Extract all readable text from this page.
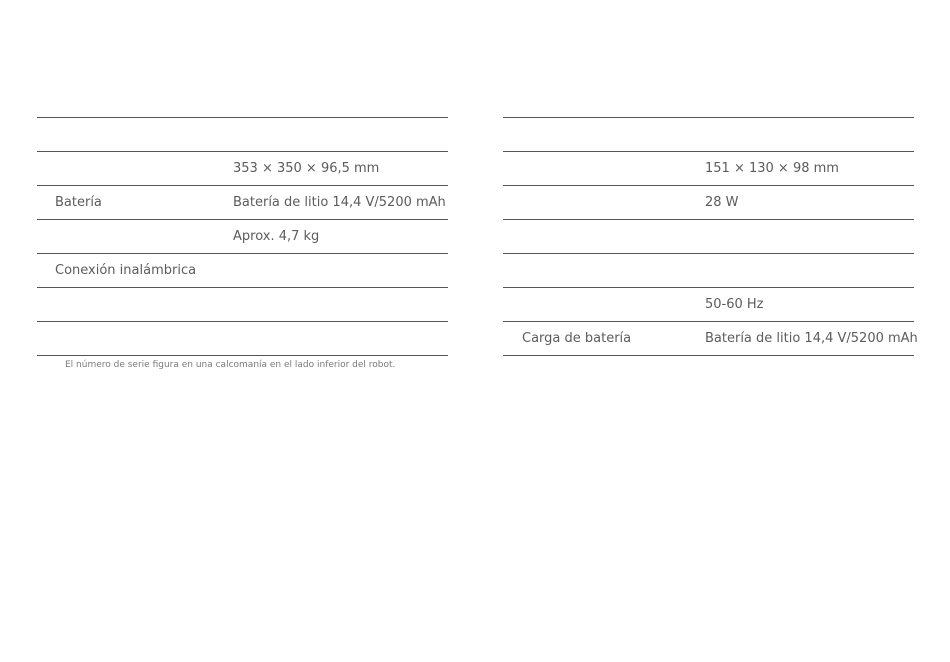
353 × 350 × 96,5 mm
Batería	Batería de litio 14,4 V/5200 mAh
Aprox. 4,7 kg
Conexión inalámbrica
El número de serie figura en una calcomanía en el lado inferior del robot.
151 × 130 × 98 mm
28 W
50-60 Hz
Carga de batería	Batería de litio 14,4 V/5200 mAh
